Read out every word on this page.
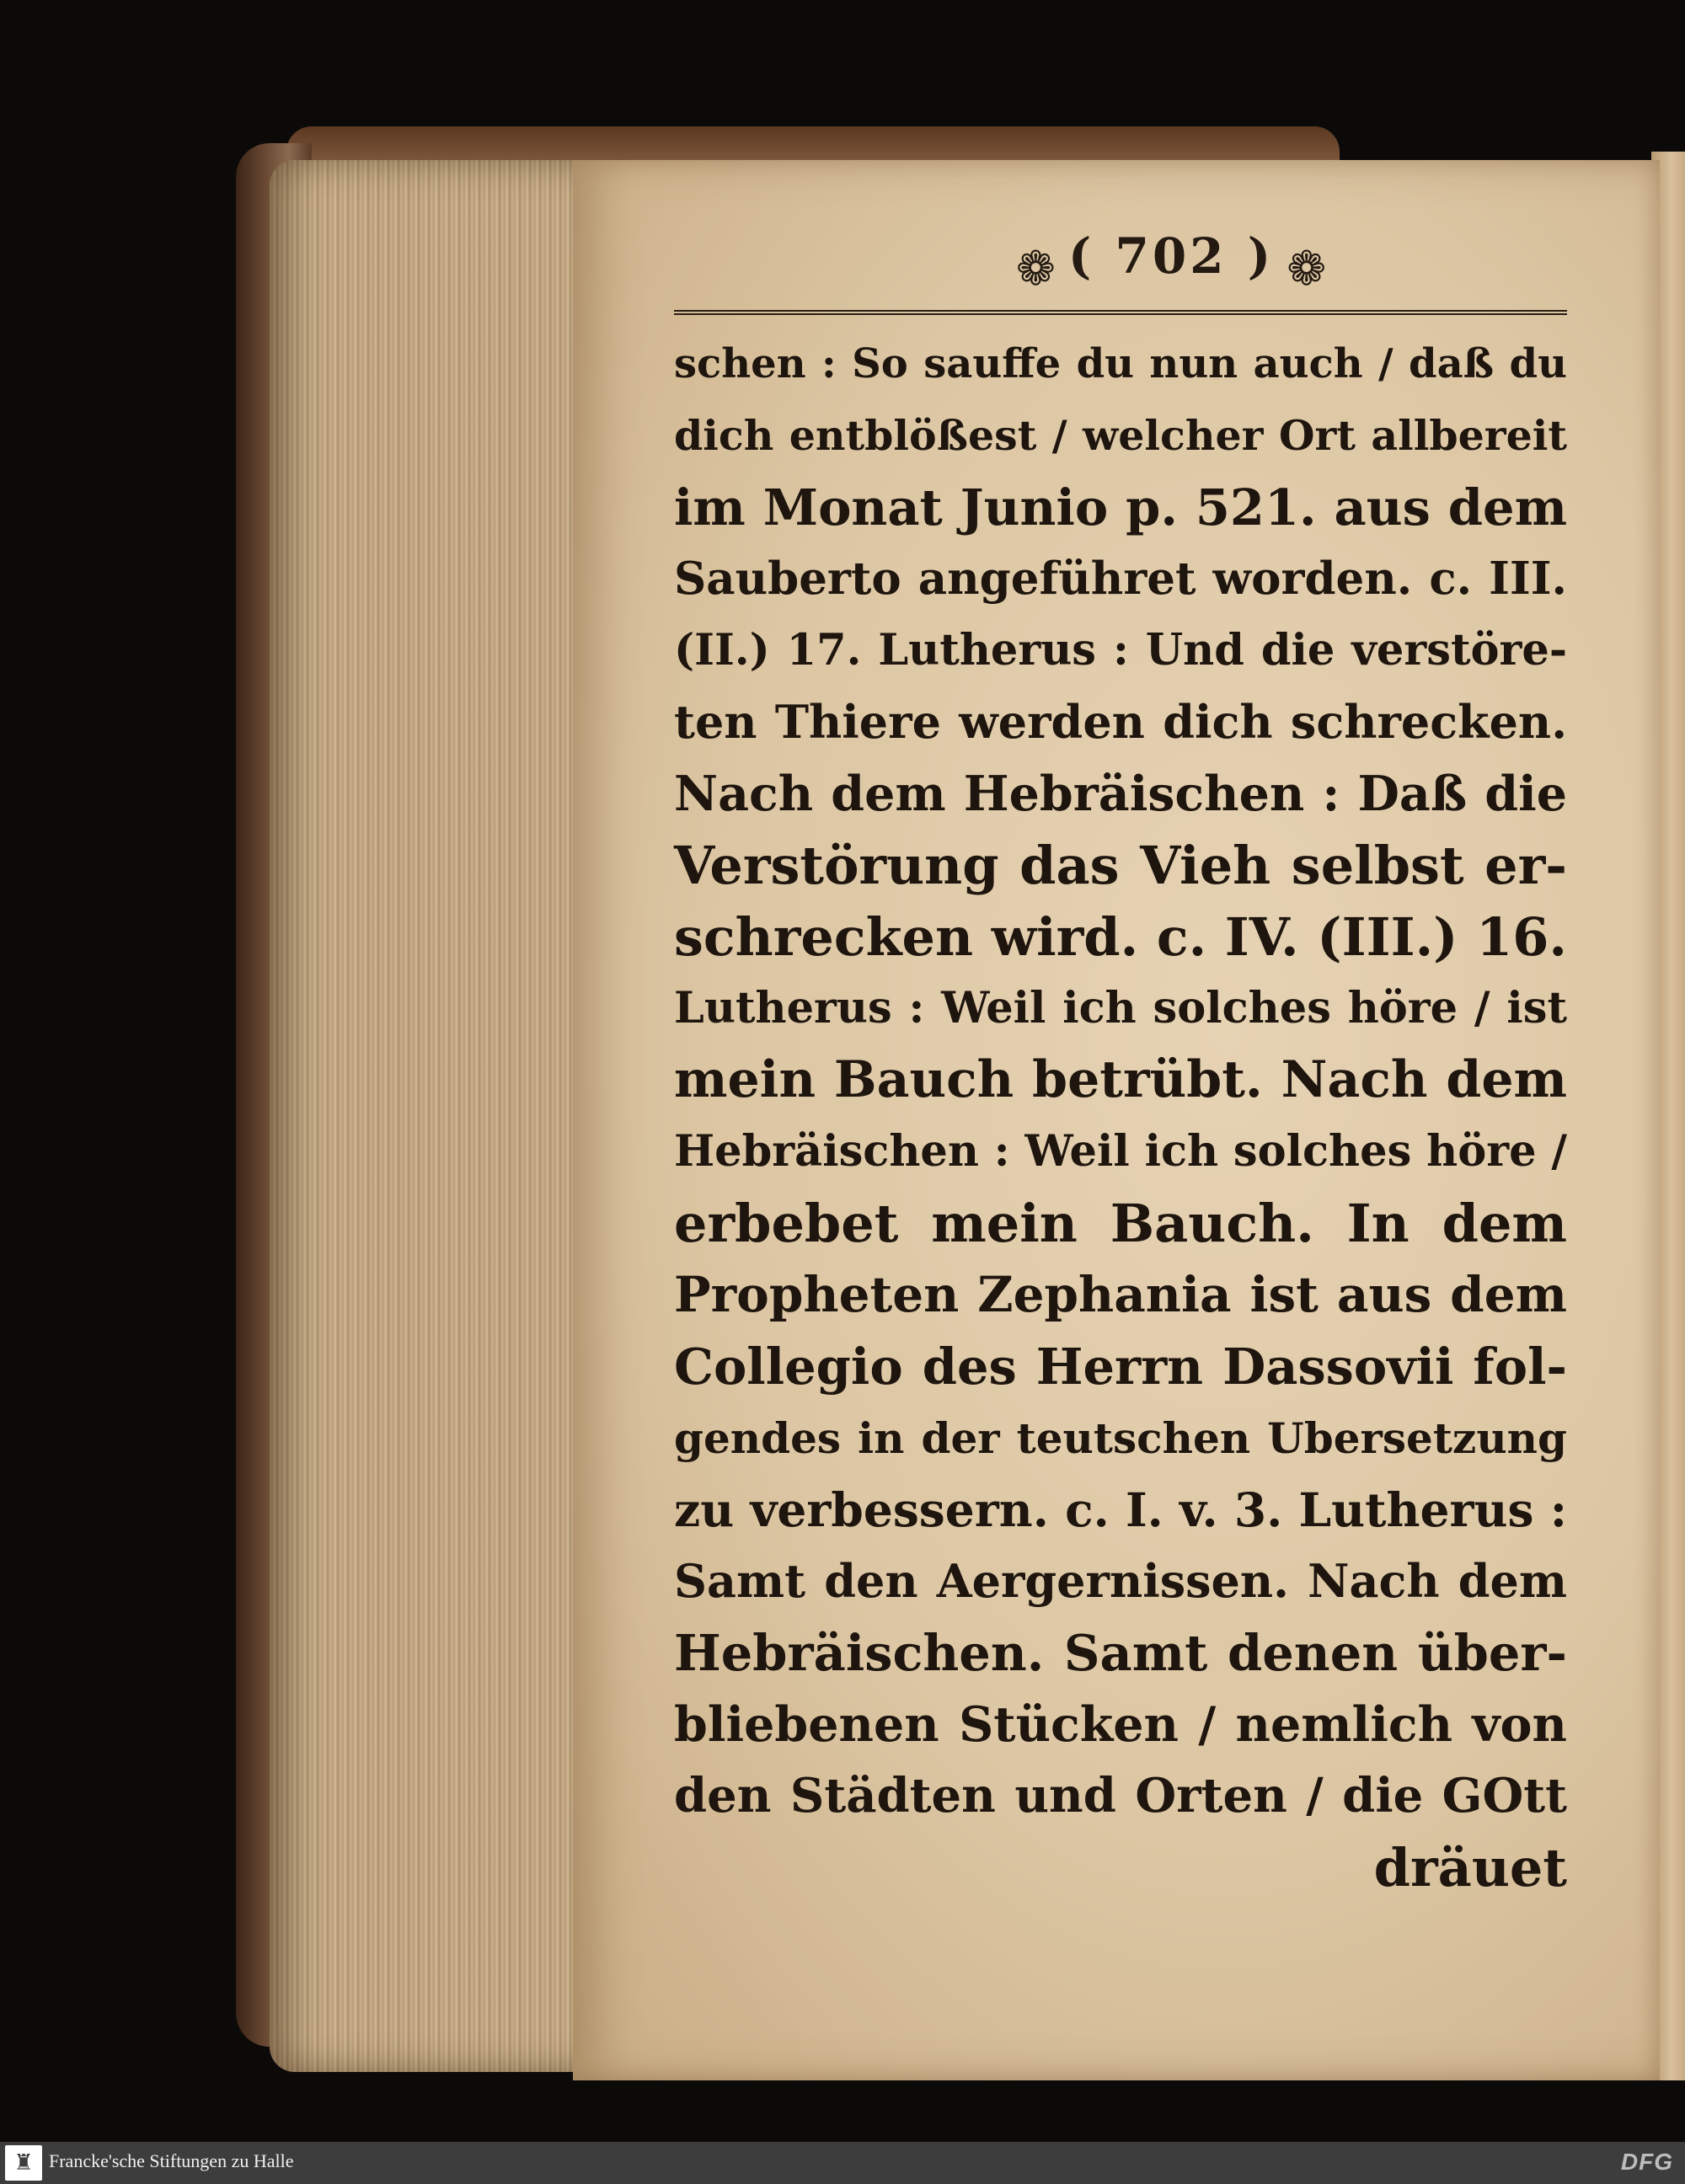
❁ ( 702 ) ❁
schen : So sauffe du nun auch / daß du
dich entblößest / welcher Ort allbereit
im Monat Junio p. 521. aus dem
Sauberto angeführet worden. c. III.
(II.) 17. Lutherus : Und die verstöre-
ten Thiere werden dich schrecken.
Nach dem Hebräischen : Daß die
Verstörung das Vieh selbst er-
schrecken wird. c. IV. (III.) 16.
Lutherus : Weil ich solches höre / ist
mein Bauch betrübt. Nach dem
Hebräischen : Weil ich solches höre /
erbebet mein Bauch. In dem
Propheten Zephania ist aus dem
Collegio des Herrn Dassovii fol-
gendes in der teutschen Ubersetzung
zu verbessern. c. I. v. 3. Lutherus :
Samt den Aergernissen. Nach dem
Hebräischen. Samt denen über-
bliebenen Stücken / nemlich von
den Städten und Orten / die GOtt
dräuet
♜ Francke'sche Stiftungen zu Halle	DFG
